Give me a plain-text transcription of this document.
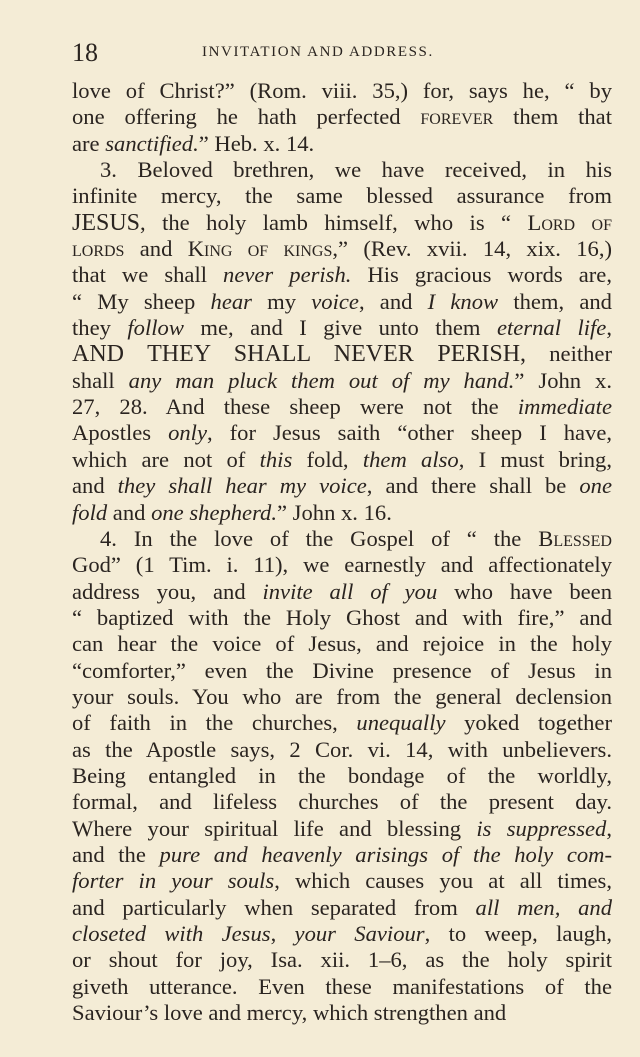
18	INVITATION AND ADDRESS.
love of Christ?” (Rom. viii. 35,) for, says he, “ by
one offering he hath perfected forever them that
are sanctified.” Heb. x. 14.
3. Beloved brethren, we have received, in his
infinite mercy, the same blessed assurance from
JESUS, the holy lamb himself, who is “ Lord of
lords and King of kings,” (Rev. xvii. 14, xix. 16,)
that we shall never perish. His gracious words are,
“ My sheep hear my voice, and I know them, and
they follow me, and I give unto them eternal life,
AND THEY SHALL NEVER PERISH, neither
shall any man pluck them out of my hand.” John x.
27, 28. And these sheep were not the immediate
Apostles only, for Jesus saith “other sheep I have,
which are not of this fold, them also, I must bring,
and they shall hear my voice, and there shall be one
fold and one shepherd.” John x. 16.
4. In the love of the Gospel of “ the Blessed
God” (1 Tim. i. 11), we earnestly and affectionately
address you, and invite all of you who have been
“ baptized with the Holy Ghost and with fire,” and
can hear the voice of Jesus, and rejoice in the holy
“comforter,” even the Divine presence of Jesus in
your souls. You who are from the general declension
of faith in the churches, unequally yoked together
as the Apostle says, 2 Cor. vi. 14, with unbelievers.
Being entangled in the bondage of the worldly,
formal, and lifeless churches of the present day.
Where your spiritual life and blessing is suppressed,
and the pure and heavenly arisings of the holy com-
forter in your souls, which causes you at all times,
and particularly when separated from all men, and
closeted with Jesus, your Saviour, to weep, laugh,
or shout for joy, Isa. xii. 1–6, as the holy spirit
giveth utterance. Even these manifestations of the
Saviour’s love and mercy, which strengthen and
